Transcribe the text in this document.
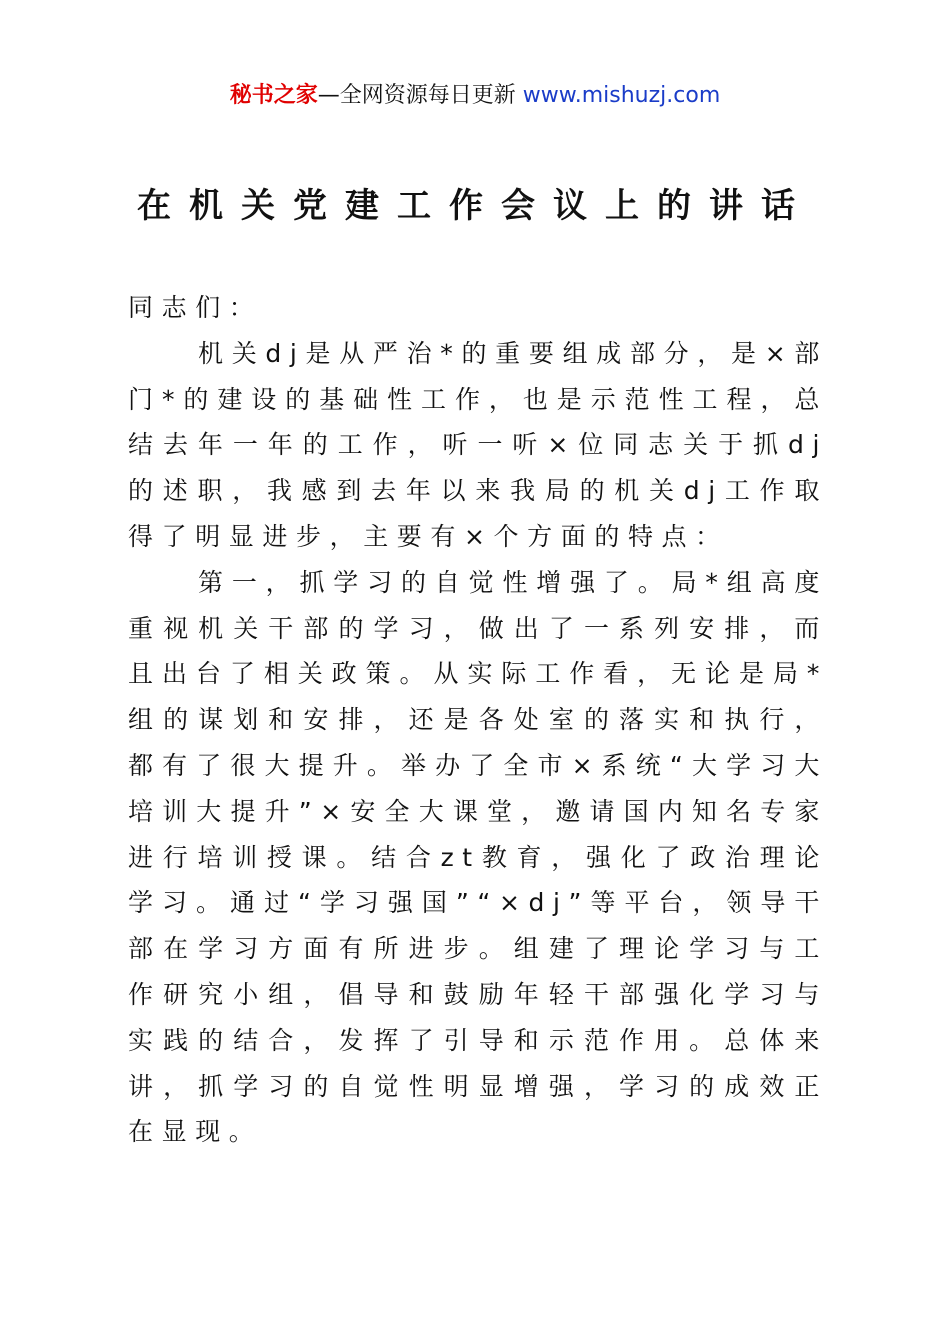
秘书之家—全网资源每日更新 www.mishuzj.com
在机关党建工作会议上的讲话

同志们：

机关dj是从严治*的重要组成部分，是×部门*的建设的基础性工作，也是示范性工程，总结去年一年的工作，听一听×位同志关于抓dj的述职，我感到去年以来我局的机关dj工作取得了明显进步，主要有×个方面的特点：

第一，抓学习的自觉性增强了。局*组高度重视机关干部的学习，做出了一系列安排，而且出台了相关政策。从实际工作看，无论是局*组的谋划和安排，还是各处室的落实和执行，都有了很大提升。举办了全市×系统“大学习大培训大提升”×安全大课堂，邀请国内知名专家进行培训授课。结合zt教育，强化了政治理论学习。通过“学习强国”“×dj”等平台，领导干部在学习方面有所进步。组建了理论学习与工作研究小组，倡导和鼓励年轻干部强化学习与实践的结合，发挥了引导和示范作用。总体来讲，抓学习的自觉性明显增强，学习的成效正在显现。
